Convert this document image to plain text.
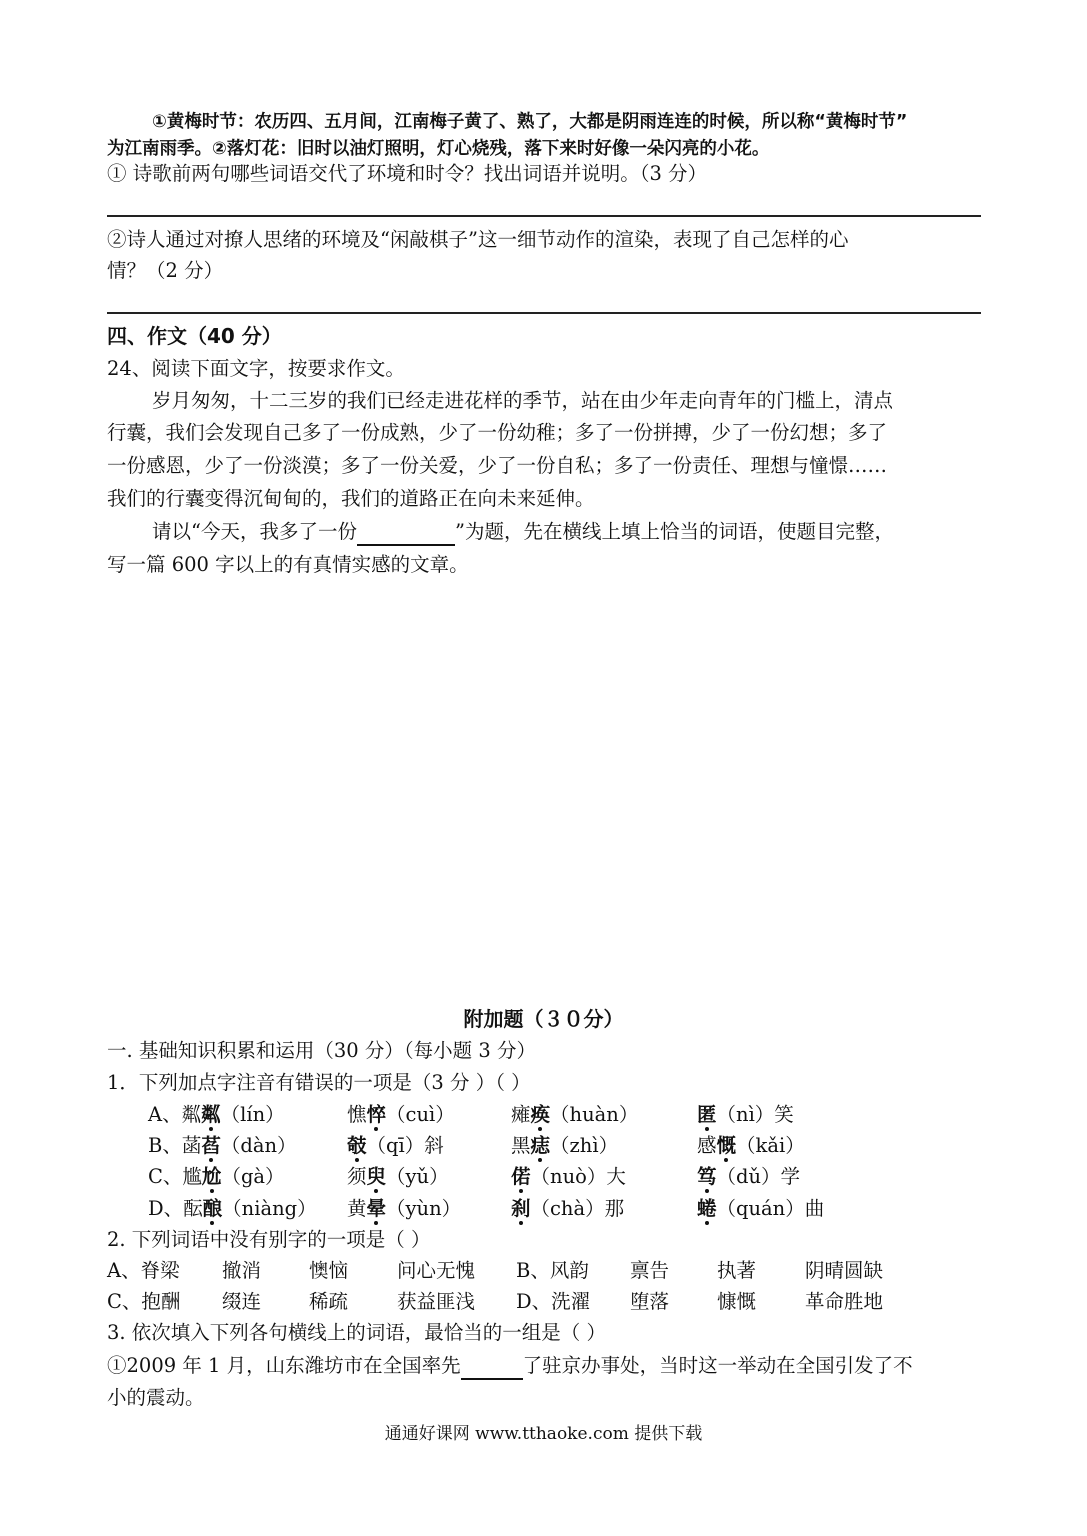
①黄梅时节：农历四、五月间，江南梅子黄了、熟了，大都是阴雨连连的时候，所以称“黄梅时节”
为江南雨季。②落灯花：旧时以油灯照明，灯心烧残，落下来时好像一朵闪亮的小花。
① 诗歌前两句哪些词语交代了环境和时令？找出词语并说明。（3 分）
②诗人通过对撩人思绪的环境及“闲敲棋子”这一细节动作的渲染，表现了自己怎样的心
情？（2 分）
四、作文（40 分）
24、阅读下面文字，按要求作文。
岁月匆匆，十二三岁的我们已经走进花样的季节，站在由少年走向青年的门槛上，清点
行囊，我们会发现自己多了一份成熟，少了一份幼稚；多了一份拼搏，少了一份幻想；多了
一份感恩，少了一份淡漠；多了一份关爱，少了一份自私；多了一份责任、理想与憧憬……
我们的行囊变得沉甸甸的，我们的道路正在向未来延伸。
请以“今天，我多了一份	”为题，先在横线上填上恰当的词语，使题目完整，
写一篇 600 字以上的有真情实感的文章。
附加题（３０分）
一. 基础知识积累和运用（30 分）（每小题 3 分）
1．下列加点字注音有错误的一项是（3 分 ）（ ）
A、粼粼（lín）	憔悴（cuì）	瘫痪（huàn）	匿（nì）笑
B、菡萏（dàn）	攲（qī）斜	黑痣（zhì）	感慨（kǎi）
C、尴尬（gà）	须臾（yǔ）	偌（nuò）大	笃（dǔ）学
D、酝酿（niàng） 黄晕（yùn）	刹（chà）那	蜷（quán）曲
2. 下列词语中没有别字的一项是（ ）
A、脊梁 撤消 懊恼	问心无愧 B、风韵 禀告 执著	阴晴圆缺
C、抱酬 缀连 稀疏	获益匪浅 D、洗濯 堕落 慷慨	革命胜地
3. 依次填入下列各句横线上的词语，最恰当的一组是（ ）
①2009 年 1 月，山东潍坊市在全国率先	了驻京办事处，当时这一举动在全国引发了不
小的震动。
通通好课网 www.tthaoke.com 提供下载
